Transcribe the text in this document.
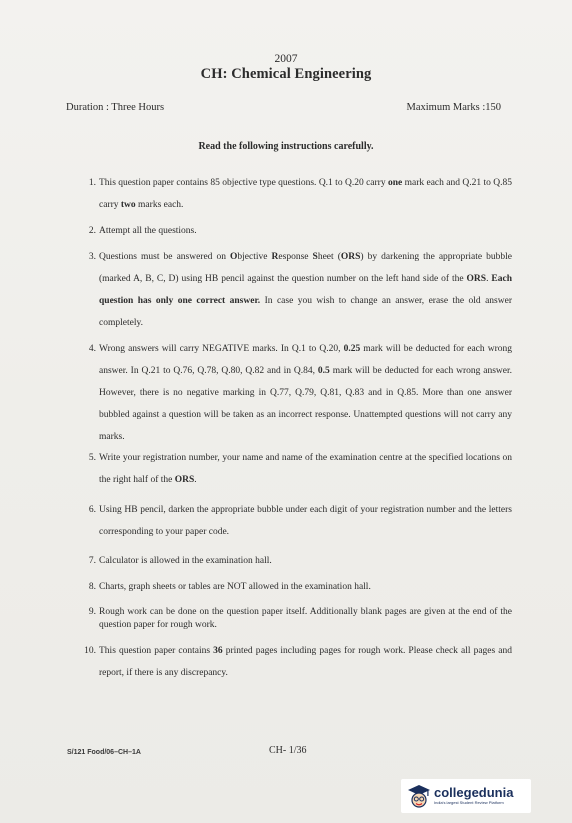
2007
CH: Chemical Engineering
Duration : Three Hours	Maximum Marks :150
Read the following instructions carefully.
1. This question paper contains 85 objective type questions. Q.1 to Q.20 carry one mark each and Q.21 to Q.85 carry two marks each.
2. Attempt all the questions.
3. Questions must be answered on Objective Response Sheet (ORS) by darkening the appropriate bubble (marked A, B, C, D) using HB pencil against the question number on the left hand side of the ORS. Each question has only one correct answer. In case you wish to change an answer, erase the old answer completely.
4. Wrong answers will carry NEGATIVE marks. In Q.1 to Q.20, 0.25 mark will be deducted for each wrong answer. In Q.21 to Q.76, Q.78, Q.80, Q.82 and in Q.84, 0.5 mark will be deducted for each wrong answer. However, there is no negative marking in Q.77, Q.79, Q.81, Q.83 and in Q.85. More than one answer bubbled against a question will be taken as an incorrect response. Unattempted questions will not carry any marks.
5. Write your registration number, your name and name of the examination centre at the specified locations on the right half of the ORS.
6. Using HB pencil, darken the appropriate bubble under each digit of your registration number and the letters corresponding to your paper code.
7. Calculator is allowed in the examination hall.
8. Charts, graph sheets or tables are NOT allowed in the examination hall.
9. Rough work can be done on the question paper itself. Additionally blank pages are given at the end of the question paper for rough work.
10. This question paper contains 36 printed pages including pages for rough work. Please check all pages and report, if there is any discrepancy.
S/121 Food/06–CH–1A	CH- 1/36
collegedunia
India's largest Student Review Platform
